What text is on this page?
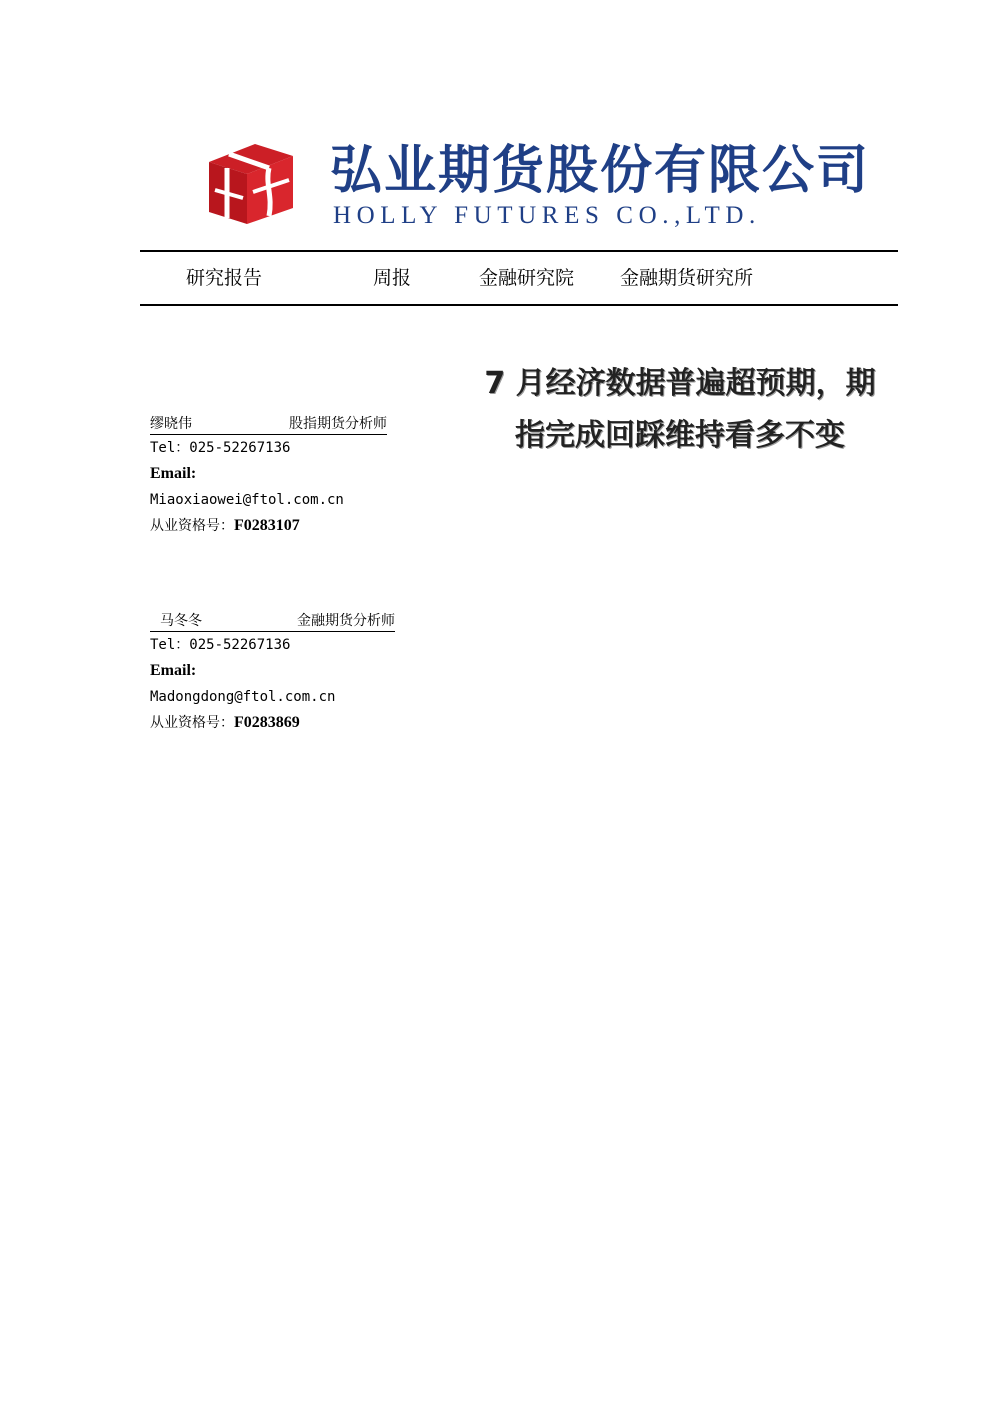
弘业期货股份有限公司
HOLLY FUTURES CO.,LTD.
研究报告	周报	金融研究院 金融期货研究所
7 月经济数据普遍超预期，期
指完成回踩维持看多不变
缪晓伟	股指期货分析师
Tel：025-52267136
Email:
Miaoxiaowei@ftol.com.cn
从业资格号：F0283107
马冬冬	金融期货分析师
Tel：025-52267136
Email:
Madongdong@ftol.com.cn
从业资格号：F0283869
